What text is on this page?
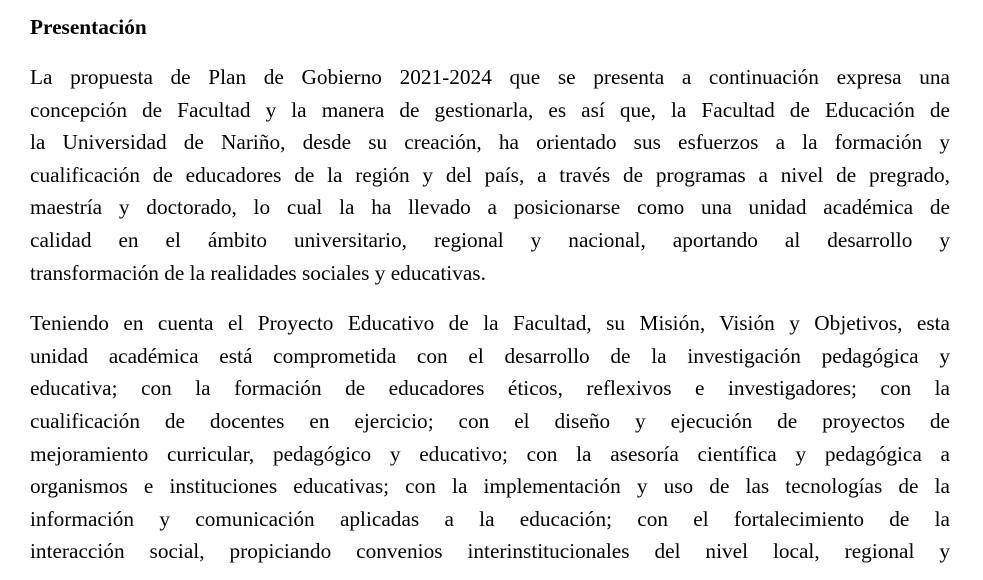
Presentación

La propuesta de Plan de Gobierno 2021-2024 que se presenta a continuación expresa una
concepción de Facultad y la manera de gestionarla, es así que, la Facultad de Educación de
la Universidad de Nariño, desde su creación, ha orientado sus esfuerzos a la formación y
cualificación de educadores de la región y del país, a través de programas a nivel de pregrado,
maestría y doctorado, lo cual la ha llevado a posicionarse como una unidad académica de
calidad en el ámbito universitario, regional y nacional, aportando al desarrollo y
transformación de la realidades sociales y educativas.

Teniendo en cuenta el Proyecto Educativo de la Facultad, su Misión, Visión y Objetivos, esta
unidad académica está comprometida con el desarrollo de la investigación pedagógica y
educativa; con la formación de educadores éticos, reflexivos e investigadores; con la
cualificación de docentes en ejercicio; con el diseño y ejecución de proyectos de
mejoramiento curricular, pedagógico y educativo; con la asesoría científica y pedagógica a
organismos e instituciones educativas; con la implementación y uso de las tecnologías de la
información y comunicación aplicadas a la educación; con el fortalecimiento de la
interacción social, propiciando convenios interinstitucionales del nivel local, regional y
